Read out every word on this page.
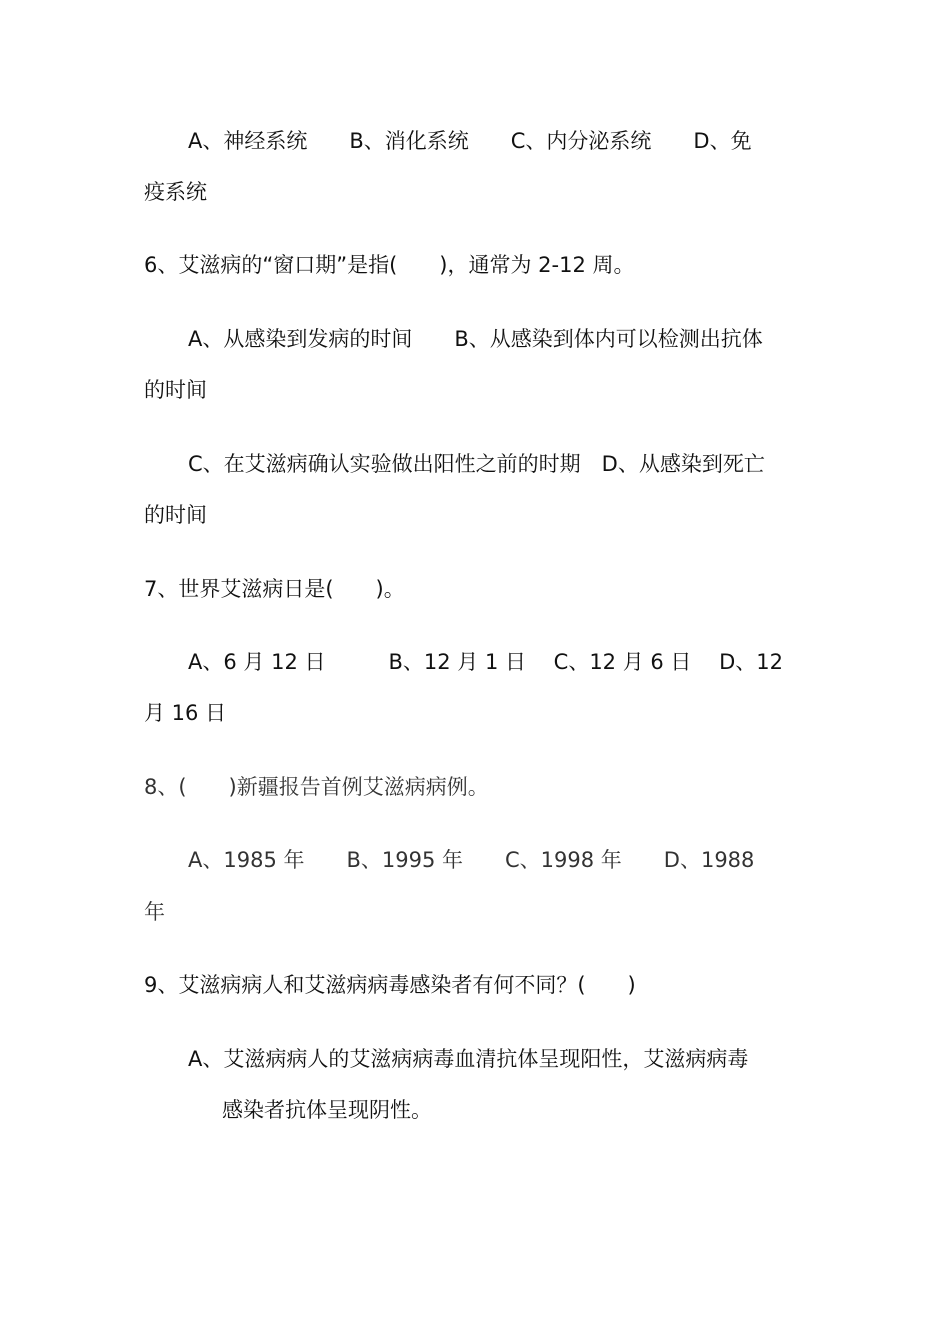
A、神经系统　　B、消化系统　　C、内分泌系统　　D、免
疫系统
6、艾滋病的“窗口期”是指(　　)，通常为 2-12 周。
A、从感染到发病的时间　　B、从感染到体内可以检测出抗体
的时间
C、在艾滋病确认实验做出阳性之前的时期　D、从感染到死亡
的时间
7、世界艾滋病日是(　　)。
A、6 月 12 日　　　B、12 月 1 日　 C、12 月 6 日　 D、12
月 16 日
8、(　　)新疆报告首例艾滋病病例。
A、1985 年　　B、1995 年　　C、1998 年　　D、1988
年
9、艾滋病病人和艾滋病病毒感染者有何不同？(　　)
A、艾滋病病人的艾滋病病毒血清抗体呈现阳性，艾滋病病毒
感染者抗体呈现阴性。
